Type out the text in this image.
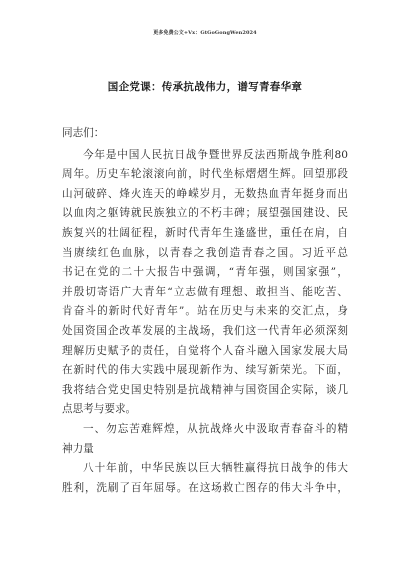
更多免费公文+Vx：GtGoGongWen2024
国企党课：传承抗战伟力，谱写青春华章
同志们：
今年是中国人民抗日战争暨世界反法西斯战争胜利80
周年。历史车轮滚滚向前，时代坐标熠熠生辉。回望那段
山河破碎、烽火连天的峥嵘岁月，无数热血青年挺身而出
以血肉之躯铸就民族独立的不朽丰碑；展望强国建设、民
族复兴的壮阔征程，新时代青年生逢盛世，重任在肩，自
当赓续红色血脉，以青春之我创造青春之国。习近平总
书记在党的二十大报告中强调，“青年强，则国家强”，
并殷切寄语广大青年“立志做有理想、敢担当、能吃苦、
肯奋斗的新时代好青年”。站在历史与未来的交汇点，身
处国资国企改革发展的主战场，我们这一代青年必须深刻
理解历史赋予的责任，自觉将个人奋斗融入国家发展大局
在新时代的伟大实践中展现新作为、续写新荣光。下面，
我将结合党史国史特别是抗战精神与国资国企实际，谈几
点思考与要求。
一、勿忘苦难辉煌，从抗战烽火中汲取青春奋斗的精
神力量
八十年前，中华民族以巨大牺牲赢得抗日战争的伟大
胜利，洗刷了百年屈辱。在这场救亡图存的伟大斗争中，
